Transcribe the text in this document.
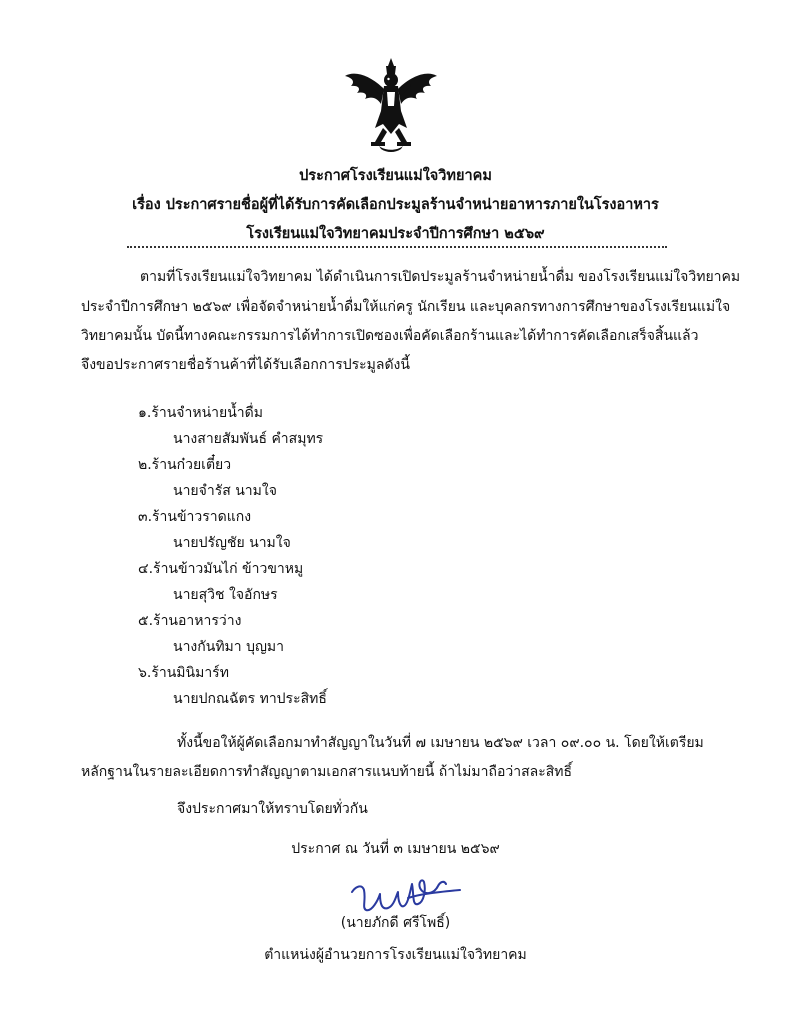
ประกาศโรงเรียนแม่ใจวิทยาคม
เรื่อง ประกาศรายชื่อผู้ที่ได้รับการคัดเลือกประมูลร้านจำหน่ายอาหารภายในโรงอาหาร
โรงเรียนแม่ใจวิทยาคมประจำปีการศึกษา ๒๕๖๙
ตามที่โรงเรียนแม่ใจวิทยาคม ได้ดำเนินการเปิดประมูลร้านจำหน่ายน้ำดื่ม ของโรงเรียนแม่ใจวิทยาคม
ประจำปีการศึกษา ๒๕๖๙ เพื่อจัดจำหน่ายน้ำดื่มให้แก่ครู นักเรียน และบุคลกรทางการศึกษาของโรงเรียนแม่ใจ
วิทยาคมนั้น บัดนี้ทางคณะกรรมการได้ทำการเปิดซองเพื่อคัดเลือกร้านและได้ทำการคัดเลือกเสร็จสิ้นแล้ว
จึงขอประกาศรายชื่อร้านค้าที่ได้รับเลือกการประมูลดังนี้
๑.ร้านจำหน่ายน้ำดื่ม
นางสายสัมพันธ์ คำสมุทร
๒.ร้านก๋วยเตี๋ยว
นายจำรัส นามใจ
๓.ร้านข้าวราดแกง
นายปรัญชัย นามใจ
๔.ร้านข้าวมันไก่ ข้าวขาหมู
นายสุวิช ใจอักษร
๕.ร้านอาหารว่าง
นางกันทิมา บุญมา
๖.ร้านมินิมาร์ท
นายปกณฉัตร ทาประสิทธิ์
ทั้งนี้ขอให้ผู้คัดเลือกมาทำสัญญาในวันที่ ๗ เมษายน ๒๕๖๙ เวลา ๐๙.๐๐ น. โดยให้เตรียม
หลักฐานในรายละเอียดการทำสัญญาตามเอกสารแนบท้ายนี้ ถ้าไม่มาถือว่าสละสิทธิ์
จึงประกาศมาให้ทราบโดยทั่วกัน
ประกาศ ณ วันที่ ๓ เมษายน ๒๕๖๙
(นายภักดี ศรีโพธิ์)
ตำแหน่งผู้อำนวยการโรงเรียนแม่ใจวิทยาคม
